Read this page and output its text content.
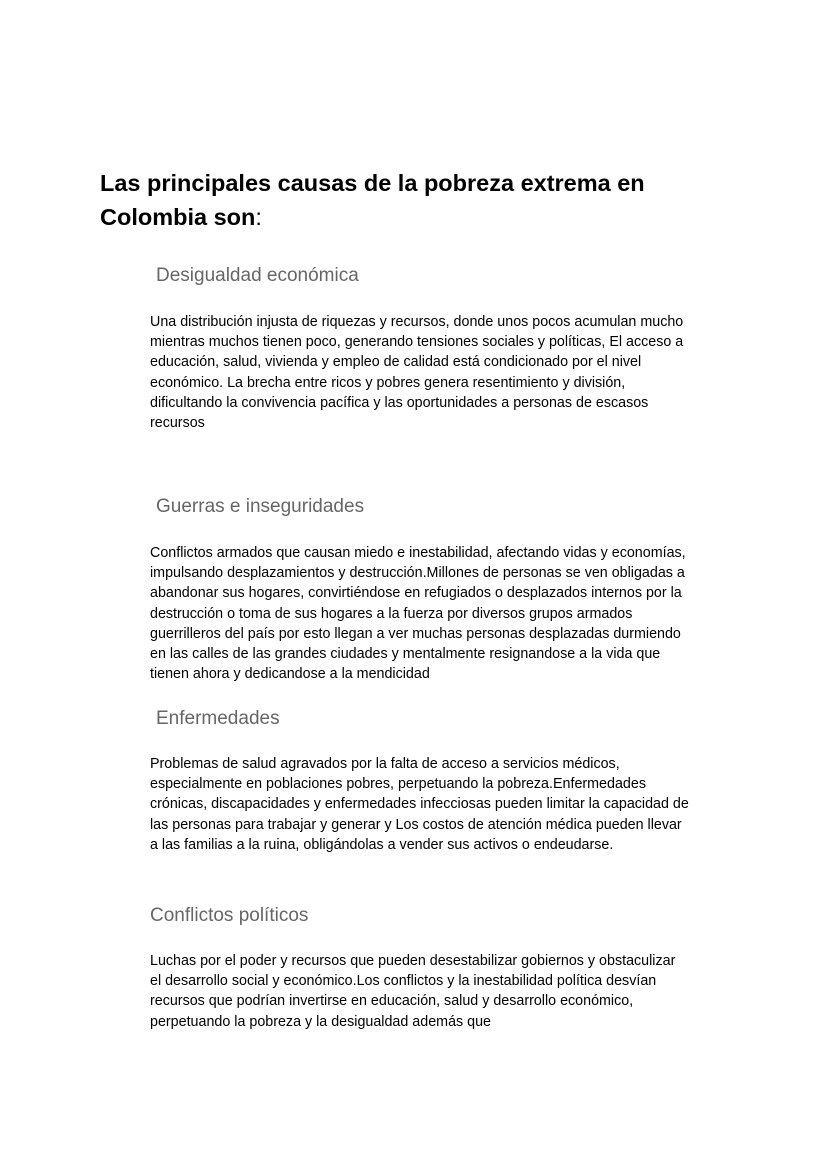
Las principales causas de la pobreza extrema en Colombia son:
Desigualdad económica
Una distribución injusta de riquezas y recursos, donde unos pocos acumulan mucho
mientras muchos tienen poco, generando tensiones sociales y políticas, El acceso a
educación, salud, vivienda y empleo de calidad está condicionado por el nivel
económico. La brecha entre ricos y pobres genera resentimiento y división,
dificultando la convivencia pacífica y las oportunidades a personas de escasos
recursos
Guerras e inseguridades
Conflictos armados que causan miedo e inestabilidad, afectando vidas y economías,
impulsando desplazamientos y destrucción.Millones de personas se ven obligadas a
abandonar sus hogares, convirtiéndose en refugiados o desplazados internos por la
destrucción o toma de sus hogares a la fuerza por diversos grupos armados
guerrilleros del país por esto llegan a ver muchas personas desplazadas durmiendo
en las calles de las grandes ciudades y mentalmente resignandose a la vida que
tienen ahora y dedicandose a la mendicidad
Enfermedades
Problemas de salud agravados por la falta de acceso a servicios médicos,
especialmente en poblaciones pobres, perpetuando la pobreza.Enfermedades
crónicas, discapacidades y enfermedades infecciosas pueden limitar la capacidad de
las personas para trabajar y generar y Los costos de atención médica pueden llevar
a las familias a la ruina, obligándolas a vender sus activos o endeudarse.
Conflictos políticos
Luchas por el poder y recursos que pueden desestabilizar gobiernos y obstaculizar
el desarrollo social y económico.Los conflictos y la inestabilidad política desvían
recursos que podrían invertirse en educación, salud y desarrollo económico,
perpetuando la pobreza y la desigualdad además que
